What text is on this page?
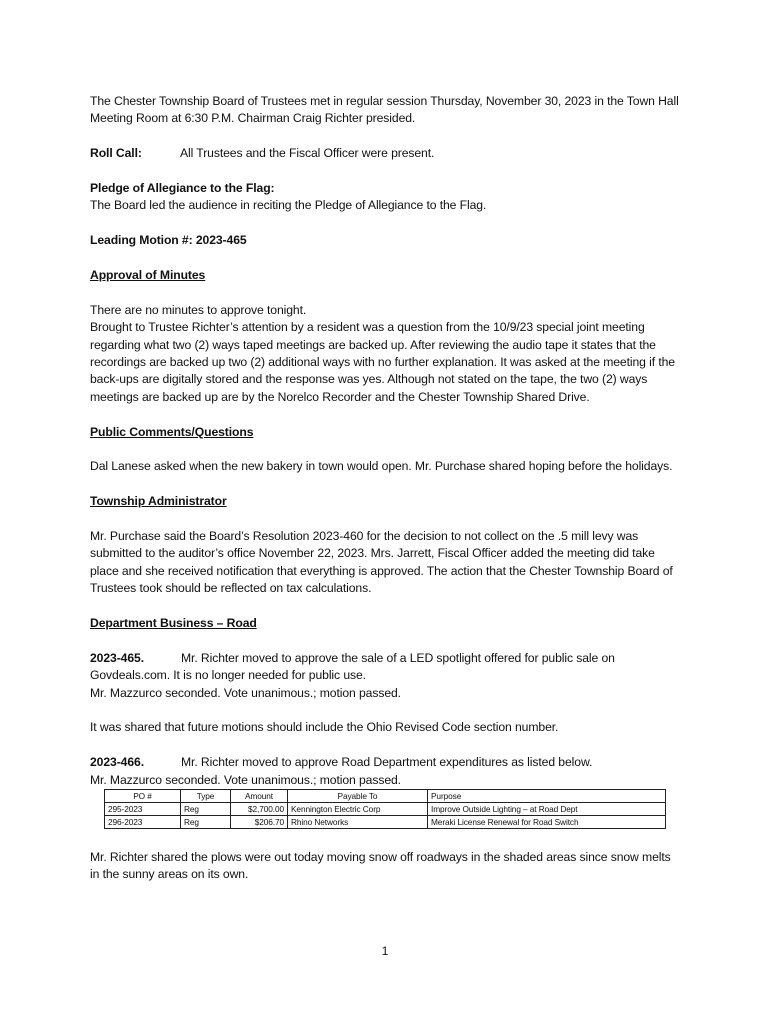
The Chester Township Board of Trustees met in regular session Thursday, November 30, 2023 in the Town Hall Meeting Room at 6:30 P.M. Chairman Craig Richter presided.

Roll Call:	All Trustees and the Fiscal Officer were present.

Pledge of Allegiance to the Flag:

The Board led the audience in reciting the Pledge of Allegiance to the Flag.

Leading Motion #: 2023-465

Approval of Minutes

There are no minutes to approve tonight.

Brought to Trustee Richter’s attention by a resident was a question from the 10/9/23 special joint meeting regarding what two (2) ways taped meetings are backed up. After reviewing the audio tape it states that the recordings are backed up two (2) additional ways with no further explanation. It was asked at the meeting if the back-ups are digitally stored and the response was yes. Although not stated on the tape, the two (2) ways meetings are backed up are by the Norelco Recorder and the Chester Township Shared Drive.

Public Comments/Questions

Dal Lanese asked when the new bakery in town would open. Mr. Purchase shared hoping before the holidays.

Township Administrator

Mr. Purchase said the Board’s Resolution 2023-460 for the decision to not collect on the .5 mill levy was submitted to the auditor’s office November 22, 2023. Mrs. Jarrett, Fiscal Officer added the meeting did take place and she received notification that everything is approved. The action that the Chester Township Board of Trustees took should be reflected on tax calculations.

Department Business – Road

2023-465.	Mr. Richter moved to approve the sale of a LED spotlight offered for public sale on

Govdeals.com. It is no longer needed for public use.

Mr. Mazzurco seconded. Vote unanimous.; motion passed.

It was shared that future motions should include the Ohio Revised Code section number.

2023-466.	Mr. Richter moved to approve Road Department expenditures as listed below.

Mr. Mazzurco seconded. Vote unanimous.; motion passed.

PO #	Type	Amount	Payable To	Purpose
295-2023	Reg	$2,700.00	Kennington Electric Corp	Improve Outside Lighting – at Road Dept
296-2023	Reg	$206.70	Rhino Networks	Meraki License Renewal for Road Switch

Mr. Richter shared the plows were out today moving snow off roadways in the shaded areas since snow melts in the sunny areas on its own.

1
